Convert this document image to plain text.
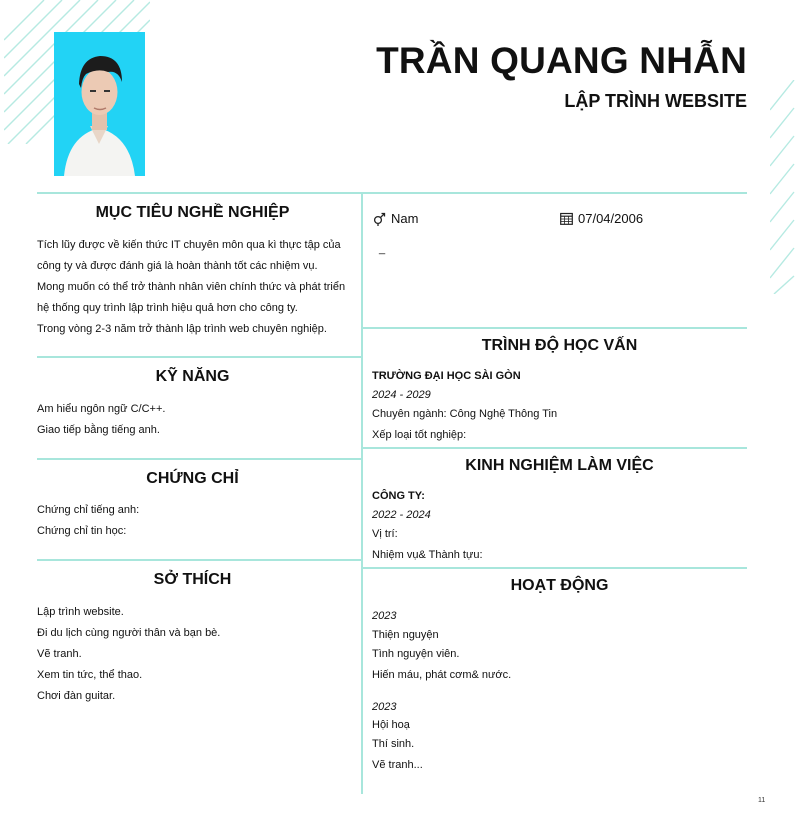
TRẦN QUANG NHẪN
LẬP TRÌNH WEBSITE
MỤC TIÊU NGHỀ NGHIỆP
Tích lũy được về kiến thức IT chuyên môn qua kì thực tập của
công ty và được đánh giá là hoàn thành tốt các nhiệm vụ.
Mong muốn có thể trở thành nhân viên chính thức và phát triển
hệ thống quy trình lập trình hiệu quả hơn cho công ty.
Trong vòng 2-3 năm trở thành lập trình web chuyên nghiệp.
KỸ NĂNG
Am hiểu ngôn ngữ C/C++.
Giao tiếp bằng tiếng anh.
CHỨNG CHỈ
Chứng chỉ tiếng anh:
Chứng chỉ tin học:
SỞ THÍCH
Lập trình website.
Đi du lịch cùng người thân và bạn bè.
Vẽ tranh.
Xem tin tức, thể thao.
Chơi đàn guitar.
Nam	07/04/2006
_
TRÌNH ĐỘ HỌC VẤN
TRƯỜNG ĐẠI HỌC SÀI GÒN
2024 - 2029
Chuyên ngành: Công Nghệ Thông Tin
Xếp loại tốt nghiệp:
KINH NGHIỆM LÀM VIỆC
CÔNG TY:
2022 - 2024
Vị trí:
Nhiệm vụ& Thành tựu:
HOẠT ĐỘNG
2023
Thiện nguyện
Tình nguyện viên.
Hiến máu, phát cơm& nước.
2023
Hội hoạ
Thí sinh.
Vẽ tranh...
1​1
